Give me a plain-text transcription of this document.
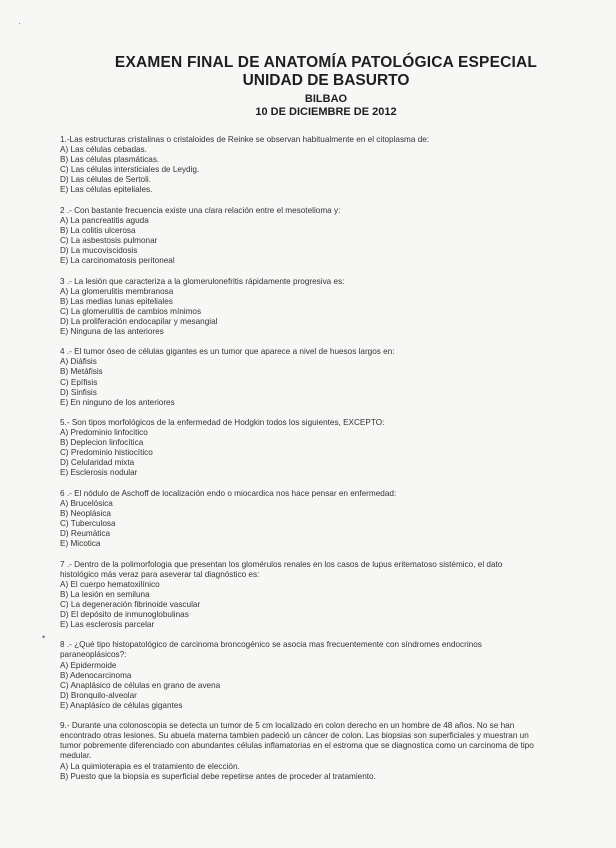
·
•
EXAMEN FINAL DE ANATOMÍA PATOLÓGICA ESPECIAL
UNIDAD DE BASURTO
BILBAO
10 DE DICIEMBRE DE 2012

1.-Las estructuras cristalinas o cristaloides de Reinke se observan habitualmente en el citoplasma de:

A) Las células cebadas.

B) Las células plasmáticas.

C) Las células intersticiales de Leydig.

D) Las células de Sertoli.

E) Las células epiteliales.

2 .- Con bastante frecuencia existe una clara relación entre el mesotelioma y:

A) La pancreatitis aguda

B) La colitis ulcerosa

C) La asbestosis pulmonar

D) La mucoviscidosis

E) La carcinomatosis peritoneal

3 .- La lesión que caracteriza a la glomerulonefritis rápidamente progresiva es:

A) La glomerulitis membranosa

B) Las medias lunas epiteliales

C) La glomerulitis de cambios mínimos

D) La proliferación endocapilar y mesangial

E) Ninguna de las anteriores

4 .- El tumor óseo de células gigantes es un tumor que aparece a nivel de huesos largos en:

A) Diáfisis

B) Metáfisis

C) Epífisis

D) Sinfisis

E) En ninguno de los anteriores

5.- Son tipos morfológicos de la enfermedad de Hodgkin todos los siguientes, EXCEPTO:

A) Predominio linfocitico

B) Deplecion linfocítica

C) Predominio histiocítico

D) Celularidad mixta

E) Esclerosis nodular

6 .- El nódulo de Aschoff de localización endo o miocardica nos hace pensar en enfermedad:

A) Brucelósica

B) Neoplásica

C) Tuberculosa

D) Reumática

E) Micotica

7 .- Dentro de la polimorfologia que presentan los glomérulos renales en los casos de lupus eritematoso sistémico, el dato histológico más veraz para aseverar tal diagnóstico es:

A) El cuerpo hematoxilínico

B) La lesión en semiluna

C) La degeneración fibrinoide vascular

D) El depósito de inmunoglobulinas

E) Las esclerosis parcelar

8 .- ¿Qué tipo histopatológico de carcinoma broncogénico se asocia mas frecuentemente con síndromes endocrinos paraneoplásicos?:

A) Epidermoide

B) Adenocarcinoma

C) Anaplásico de células en grano de avena

D) Bronquilo-alveolar

E) Anaplásico de células gigantes

9.- Durante una colonoscopia se detecta un tumor de 5 cm localizado en colon derecho en un hombre de 48 años. No se han encontrado otras lesiones. Su abuela materna tambien padeció un cáncer de colon. Las biopsias son superficiales y muestran un tumor pobremente diferenciado con abundantes células inflamatorias en el estroma que se diagnostica como un carcinoma de tipo medular.

A) La quimioterapia es el tratamiento de elección.

B) Puesto que la biopsia es superficial debe repetirse antes de proceder al tratamiento.
